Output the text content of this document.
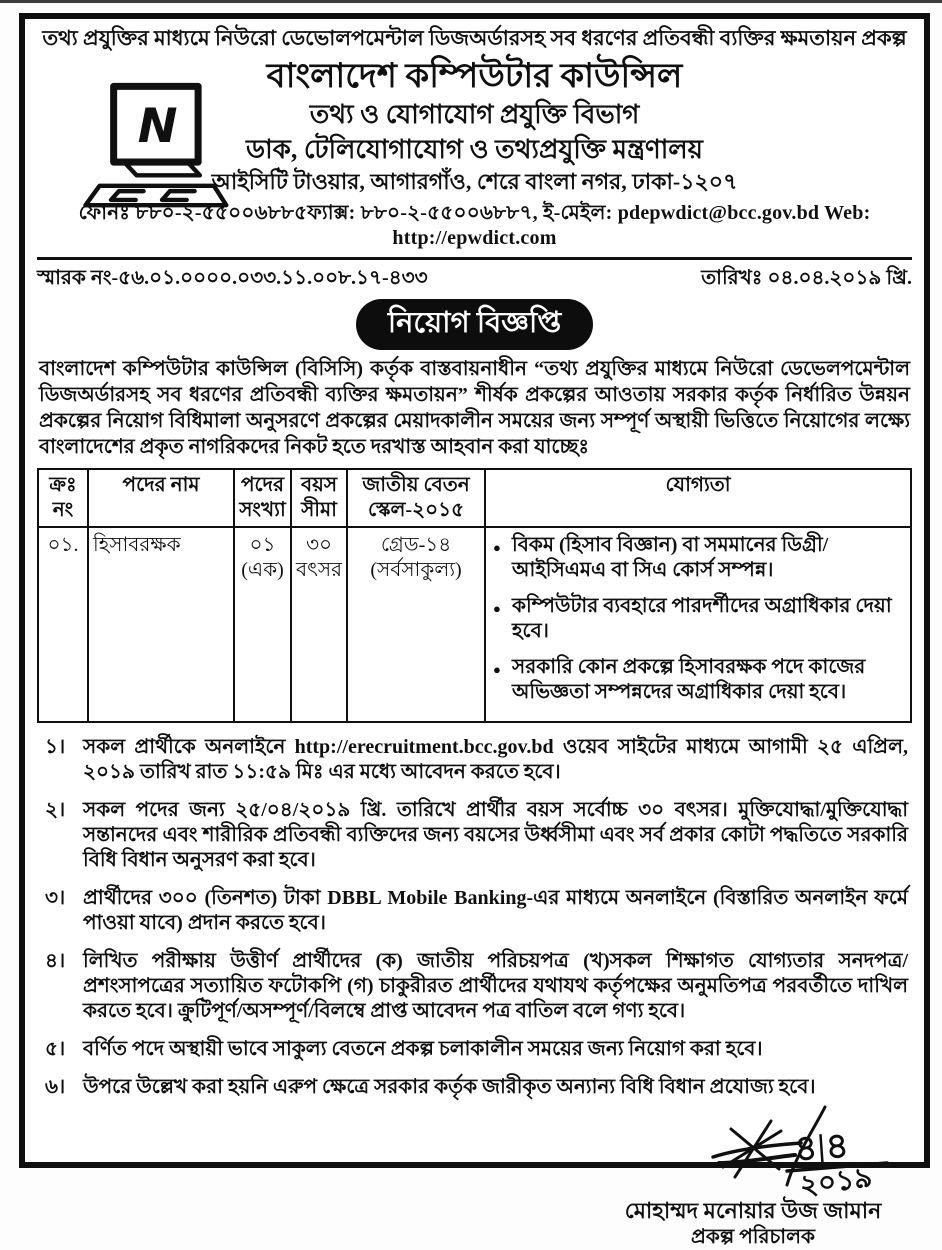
তথ্য প্রযুক্তির মাধ্যমে নিউরো ডেভোলপমেন্টাল ডিজঅর্ডারসহ সব ধরণের প্রতিবন্ধী ব্যক্তির ক্ষমতায়ন প্রকল্প
N
বাংলাদেশ কম্পিউটার কাউন্সিল
তথ্য ও যোগাযোগ প্রযুক্তি বিভাগ
ডাক, টেলিযোগাযোগ ও তথ্যপ্রযুক্তি মন্ত্রণালয়
আইসিটি টাওয়ার, আগারগাঁও, শেরে বাংলা নগর, ঢাকা-১২০৭
ফোনঃ ৮৮০-২-৫৫০০৬৮৮৫ফ্যাক্স: ৮৮০-২-৫৫০০৬৮৮৭, ই-মেইল: pdepwdict@bcc.gov.bd Web: http://epwdict.com
স্মারক নং-৫৬.০১.০০০০.০৩৩.১১.০০৮.১৭-৪৩৩	তারিখঃ ০৪.০৪.২০১৯ খ্রি.
নিয়োগ বিজ্ঞপ্তি

বাংলাদেশ কম্পিউটার কাউন্সিল (বিসিসি) কর্তৃক বাস্তবায়নাধীন “তথ্য প্রযুক্তির মাধ্যমে নিউরো ডেভেলপমেন্টাল ডিজঅর্ডারসহ সব ধরণের প্রতিবন্ধী ব্যক্তির ক্ষমতায়ন” শীর্ষক প্রকল্পের আওতায় সরকার কর্তৃক নির্ধারিত উন্নয়ন প্রকল্পের নিয়োগ বিধিমালা অনুসরণে প্রকল্পের মেয়াদকালীন সময়ের জন্য সম্পূর্ণ অস্থায়ী ভিত্তিতে নিয়োগের লক্ষ্যে বাংলাদেশের প্রকৃত নাগরিকদের নিকট হতে দরখাস্ত আহবান করা যাচ্ছেঃ

ক্রঃ নং	পদের নাম	পদের সংখ্যা	বয়স সীমা	জাতীয় বেতন স্কেল-২০১৫	যোগ্যতা
০১.	হিসাবরক্ষক	০১ (এক)	৩০ বৎসর	গ্রেড-১৪ (সর্বসাকুল্য)	● বিকম (হিসাব বিজ্ঞান) বা সমমানের ডিগ্রী/আইসিএমএ বা সিএ কোর্স সম্পন্ন।
● কম্পিউটার ব্যবহারে পারদর্শীদের অগ্রাধিকার দেয়া হবে।
● সরকারি কোন প্রকল্পে হিসাবরক্ষক পদে কাজের অভিজ্ঞতা সম্পন্নদের অগ্রাধিকার দেয়া হবে।
১। সকল প্রার্থীকে অনলাইনে http://erecruitment.bcc.gov.bd ওয়েব সাইটের মাধ্যমে আগামী ২৫ এপ্রিল, ২০১৯ তারিখ রাত ১১:৫৯ মিঃ এর মধ্যে আবেদন করতে হবে।
২। সকল পদের জন্য ২৫/০৪/২০১৯ খ্রি. তারিখে প্রার্থীর বয়স সর্বোচ্চ ৩০ বৎসর। মুক্তিযোদ্ধা/মুক্তিযোদ্ধা সন্তানদের এবং শারীরিক প্রতিবন্ধী ব্যক্তিদের জন্য বয়সের উর্ধ্বসীমা এবং সর্ব প্রকার কোটা পদ্ধতিতে সরকারি বিধি বিধান অনুসরণ করা হবে।
৩। প্রার্থীদের ৩০০ (তিনশত) টাকা DBBL Mobile Banking-এর মাধ্যমে অনলাইনে (বিস্তারিত অনলাইন ফর্মে পাওয়া যাবে) প্রদান করতে হবে।
৪। লিখিত পরীক্ষায় উত্তীর্ণ প্রার্থীদের (ক) জাতীয় পরিচয়পত্র (খ)সকল শিক্ষাগত যোগ্যতার সনদপত্র/প্রশংসাপত্রের সত্যায়িত ফটোকপি (গ) চাকুরীরত প্রার্থীদের যথাযথ কর্তৃপক্ষের অনুমতিপত্র পরবর্তীতে দাখিল করতে হবে। ক্রুটিপূর্ণ/অসম্পূর্ণ/বিলম্বে প্রাপ্ত আবেদন পত্র বাতিল বলে গণ্য হবে।
৫। বর্ণিত পদে অস্থায়ী ভাবে সাকুল্য বেতনে প্রকল্প চলাকালীন সময়ের জন্য নিয়োগ করা হবে।
৬। উপরে উল্লেখ করা হয়নি এরুপ ক্ষেত্রে সরকার কর্তৃক জারীকৃত অন্যান্য বিধি বিধান প্রযোজ্য হবে।
৪|৪
২০১৯
মোহাম্মদ মনোয়ার উজ জামান
প্রকল্প পরিচালক
